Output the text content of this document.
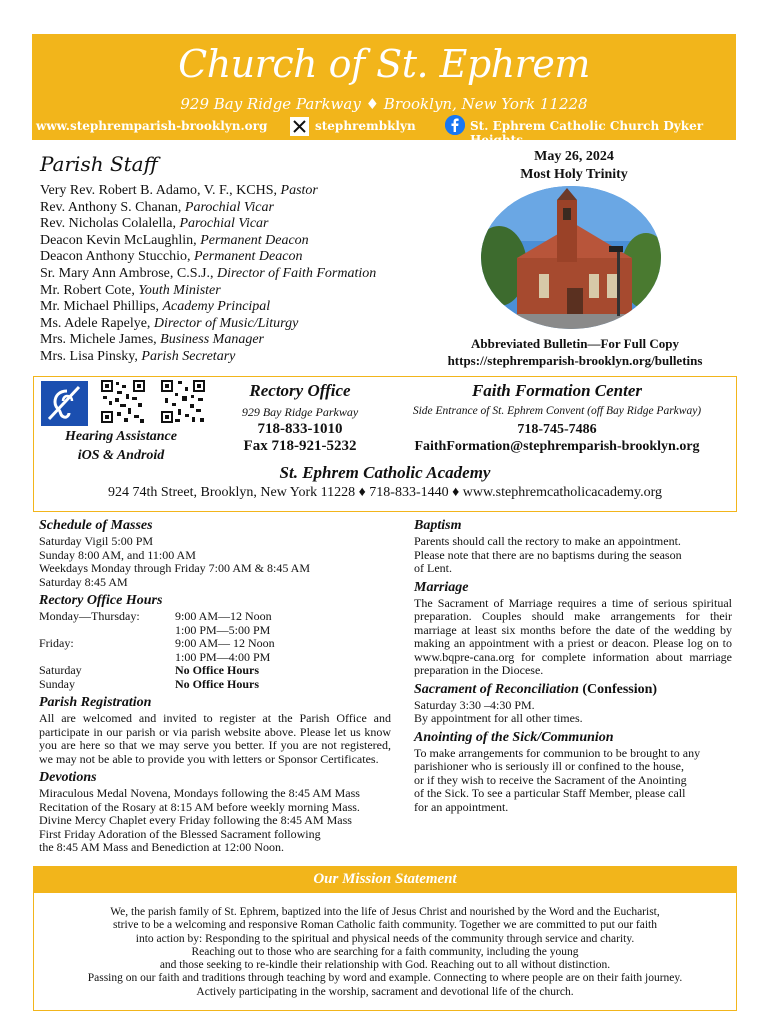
Church of St. Ephrem
929 Bay Ridge Parkway ♦ Brooklyn, New York 11228
www.stephremparish-brooklyn.org	stephrembklyn	St. Ephrem Catholic Church Dyker Heights
Parish Staff
Very Rev. Robert B. Adamo, V. F., KCHS, Pastor
Rev. Anthony S. Chanan, Parochial Vicar
Rev. Nicholas Colalella, Parochial Vicar
Deacon Kevin McLaughlin, Permanent Deacon
Deacon Anthony Stucchio, Permanent Deacon
Sr. Mary Ann Ambrose, C.S.J., Director of Faith Formation
Mr. Robert Cote, Youth Minister
Mr. Michael Phillips, Academy Principal
Ms. Adele Rapelye, Director of Music/Liturgy
Mrs. Michele James, Business Manager
Mrs. Lisa Pinsky, Parish Secretary
May 26, 2024
Most Holy Trinity
Abbreviated Bulletin—For Full Copy
https://stephremparish-brooklyn.org/bulletins
Hearing Assistance
iOS & Android
Rectory Office
929 Bay Ridge Parkway
718-833-1010
Fax 718-921-5232
Faith Formation Center
Side Entrance of St. Ephrem Convent (off Bay Ridge Parkway)
718-745-7486
FaithFormation@stephremparish-brooklyn.org
St. Ephrem Catholic Academy
924 74th Street, Brooklyn, New York 11228 ♦ 718-833-1440 ♦ www.stephremcatholicacademy.org
Schedule of Masses
Saturday Vigil 5:00 PM
Sunday 8:00 AM, and 11:00 AM
Weekdays Monday through Friday 7:00 AM & 8:45 AM
Saturday 8:45 AM
Rectory Office Hours
Monday—Thursday:	9:00 AM—12 Noon
1:00 PM—5:00 PM
Friday:	9:00 AM— 12 Noon
1:00 PM—4:00 PM
Saturday	No Office Hours
Sunday	No Office Hours
Parish Registration
All are welcomed and invited to register at the Parish Office and participate in our parish or via parish website above. Please let us know you are here so that we may serve you better. If you are not registered, we may not be able to provide you with letters or Sponsor Certificates.
Devotions
Miraculous Medal Novena, Mondays following the 8:45 AM Mass
Recitation of the Rosary at 8:15 AM before weekly morning Mass.
Divine Mercy Chaplet every Friday following the 8:45 AM Mass
First Friday Adoration of the Blessed Sacrament following
the 8:45 AM Mass and Benediction at 12:00 Noon.
Baptism
Parents should call the rectory to make an appointment.
Please note that there are no baptisms during the season
of Lent.
Marriage
The Sacrament of Marriage requires a time of serious spiritual preparation. Couples should make arrangements for their marriage at least six months before the date of the wedding by making an appointment with a priest or deacon. Please log on to www.bqpre-cana.org for complete information about marriage preparation in the Diocese.
Sacrament of Reconciliation (Confession)
Saturday 3:30 –4:30 PM.
By appointment for all other times.
Anointing of the Sick/Communion
To make arrangements for communion to be brought to any
parishioner who is seriously ill or confined to the house,
or if they wish to receive the Sacrament of the Anointing
of the Sick. To see a particular Staff Member, please call
for an appointment.
Our Mission Statement
We, the parish family of St. Ephrem, baptized into the life of Jesus Christ and nourished by the Word and the Eucharist,
strive to be a welcoming and responsive Roman Catholic faith community. Together we are committed to put our faith
into action by: Responding to the spiritual and physical needs of the community through service and charity.
Reaching out to those who are searching for a faith community, including the young
and those seeking to re-kindle their relationship with God. Reaching out to all without distinction.
Passing on our faith and traditions through teaching by word and example. Connecting to where people are on their faith journey.
Actively participating in the worship, sacrament and devotional life of the church.
